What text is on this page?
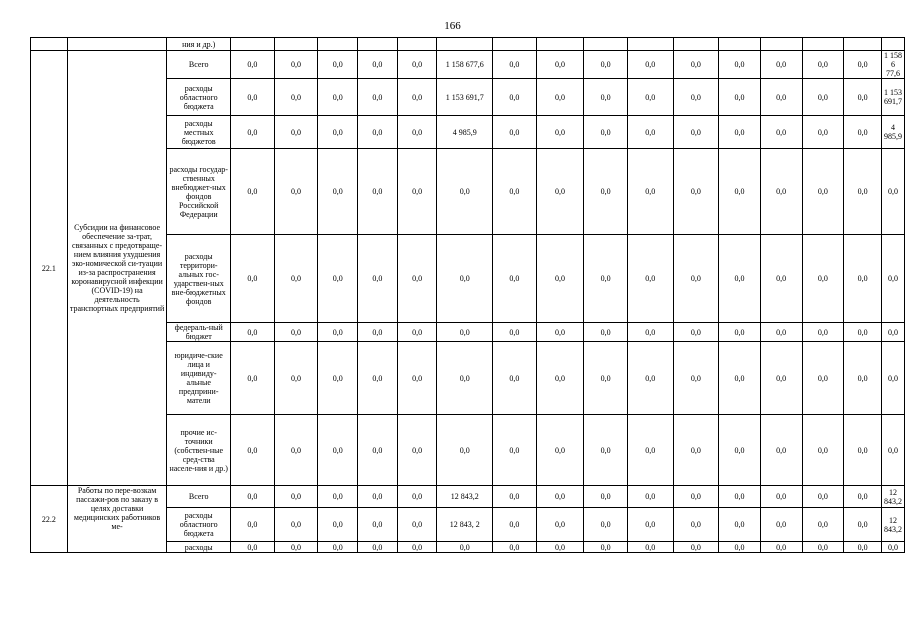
166
		ния и др.)																
22.1	Субсидии на финансовое обеспечение за-трат, связанных с предотвраще-нием влияния ухудшения эко-номической си-туации из-за распространения коронавирусной инфекции (COVID-19) на деятельность транспортных предприятий	Всего	0,0	0,0	0,0	0,0	0,0	1 158 677,6	0,0	0,0	0,0	0,0	0,0	0,0	0,0	0,0	0,0	1 158 6 77,6
		расходы областного бюджета	0,0	0,0	0,0	0,0	0,0	1 153 691,7	0,0	0,0	0,0	0,0	0,0	0,0	0,0	0,0	0,0	1 153 691,7
		расходы местных бюджетов	0,0	0,0	0,0	0,0	0,0	4 985,9	0,0	0,0	0,0	0,0	0,0	0,0	0,0	0,0	0,0	4 985,9
		расходы государ-ственных внебюджет-ных фондов Российской Федерации	0,0	0,0	0,0	0,0	0,0	0,0	0,0	0,0	0,0	0,0	0,0	0,0	0,0	0,0	0,0	0,0
		расходы территори-альных гос-ударствен-ных вне-бюджетных фондов	0,0	0,0	0,0	0,0	0,0	0,0	0,0	0,0	0,0	0,0	0,0	0,0	0,0	0,0	0,0	0,0
		федераль-ный бюджет	0,0	0,0	0,0	0,0	0,0	0,0	0,0	0,0	0,0	0,0	0,0	0,0	0,0	0,0	0,0	0,0
		юридиче-ские лица и индивиду-альные предприни-матели	0,0	0,0	0,0	0,0	0,0	0,0	0,0	0,0	0,0	0,0	0,0	0,0	0,0	0,0	0,0	0,0
		прочие ис-точники (собствен-ные сред-ства населе-ния и др.)	0,0	0,0	0,0	0,0	0,0	0,0	0,0	0,0	0,0	0,0	0,0	0,0	0,0	0,0	0,0	0,0
22.2	Работы по пере-возкам пассажи-ров по заказу в целях доставки медицинских работников ме-	Всего	0,0	0,0	0,0	0,0	0,0	12 843,2	0,0	0,0	0,0	0,0	0,0	0,0	0,0	0,0	0,0	12 843,2
		расходы областного бюджета	0,0	0,0	0,0	0,0	0,0	12 843, 2	0,0	0,0	0,0	0,0	0,0	0,0	0,0	0,0	0,0	12 843,2
		расходы	0,0	0,0	0,0	0,0	0,0	0,0	0,0	0,0	0,0	0,0	0,0	0,0	0,0	0,0	0,0	0,0
